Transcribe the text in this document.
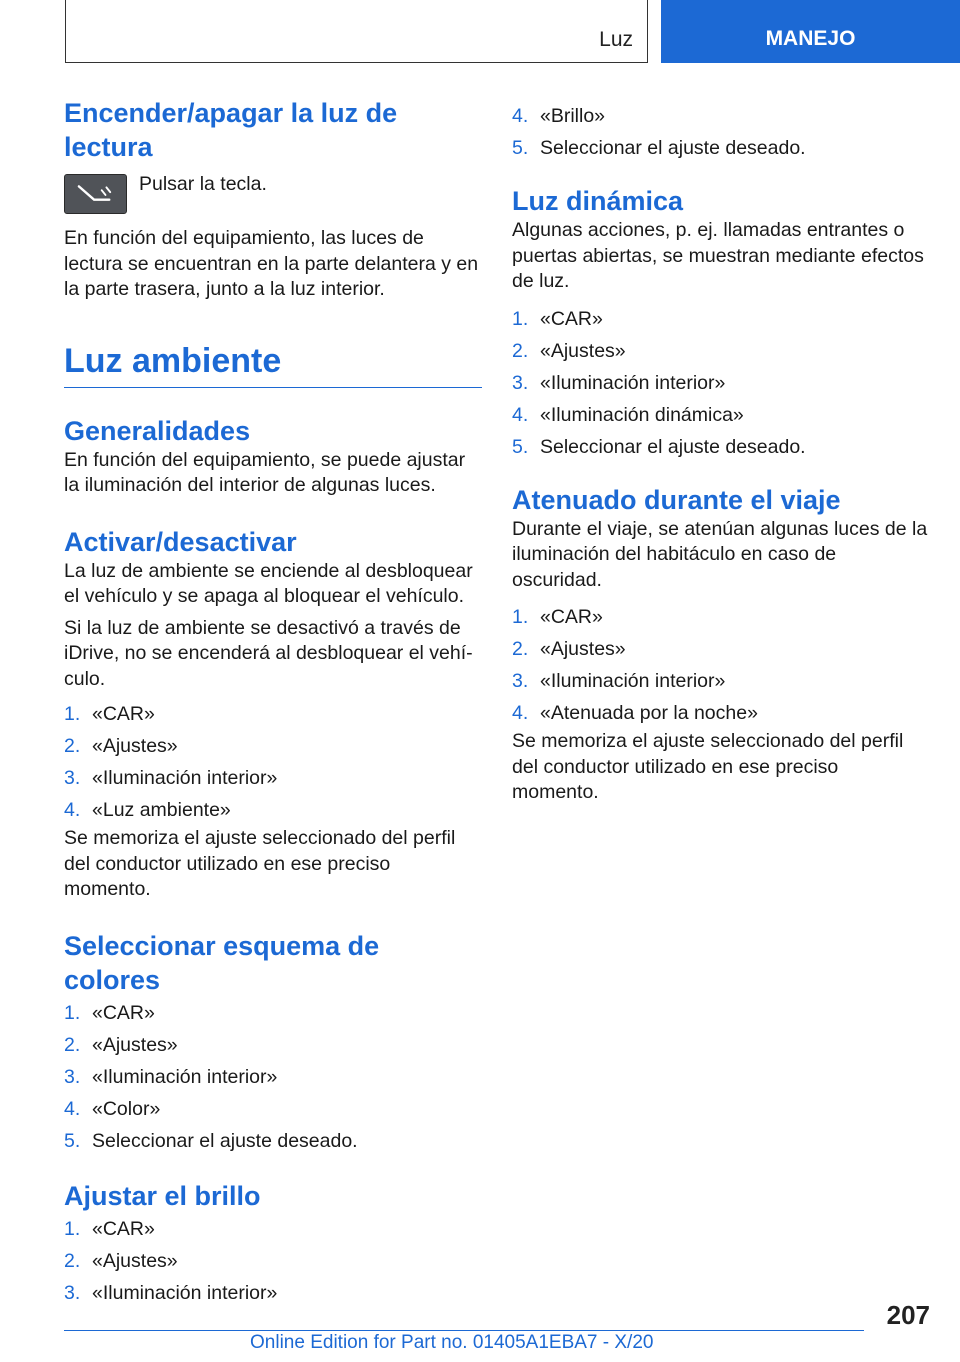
Luz	MANEJO
Encender/apagar la luz de lectura

Pulsar la tecla.

En función del equipamiento, las luces de lectura se encuentran en la parte delantera y en la parte trasera, junto a la luz interior.

Luz ambiente
Generalidades

En función del equipamiento, se puede ajustar la iluminación del interior de algunas luces.

Activar/desactivar

La luz de ambiente se enciende al desbloquear el vehículo y se apaga al bloquear el vehículo.

Si la luz de ambiente se desactivó a través de iDrive, no se encenderá al desbloquear el vehículo.

1. «CAR»
2. «Ajustes»
3. «Iluminación interior»
4. «Luz ambiente»

Se memoriza el ajuste seleccionado del perfil del conductor utilizado en ese preciso momento.

Seleccionar esquema de colores
1. «CAR»
2. «Ajustes»
3. «Iluminación interior»
4. «Color»
5. Seleccionar el ajuste deseado.
Ajustar el brillo
1. «CAR»
2. «Ajustes»
3. «Iluminación interior»
4. «Brillo»
5. Seleccionar el ajuste deseado.
Luz dinámica

Algunas acciones, p. ej. llamadas entrantes o puertas abiertas, se muestran mediante efectos de luz.

1. «CAR»
2. «Ajustes»
3. «Iluminación interior»
4. «Iluminación dinámica»
5. Seleccionar el ajuste deseado.
Atenuado durante el viaje

Durante el viaje, se atenúan algunas luces de la iluminación del habitáculo en caso de oscuridad.

1. «CAR»
2. «Ajustes»
3. «Iluminación interior»
4. «Atenuada por la noche»

Se memoriza el ajuste seleccionado del perfil del conductor utilizado en ese preciso momento.

207
Online Edition for Part no. 01405A1EBA7 - X/20
